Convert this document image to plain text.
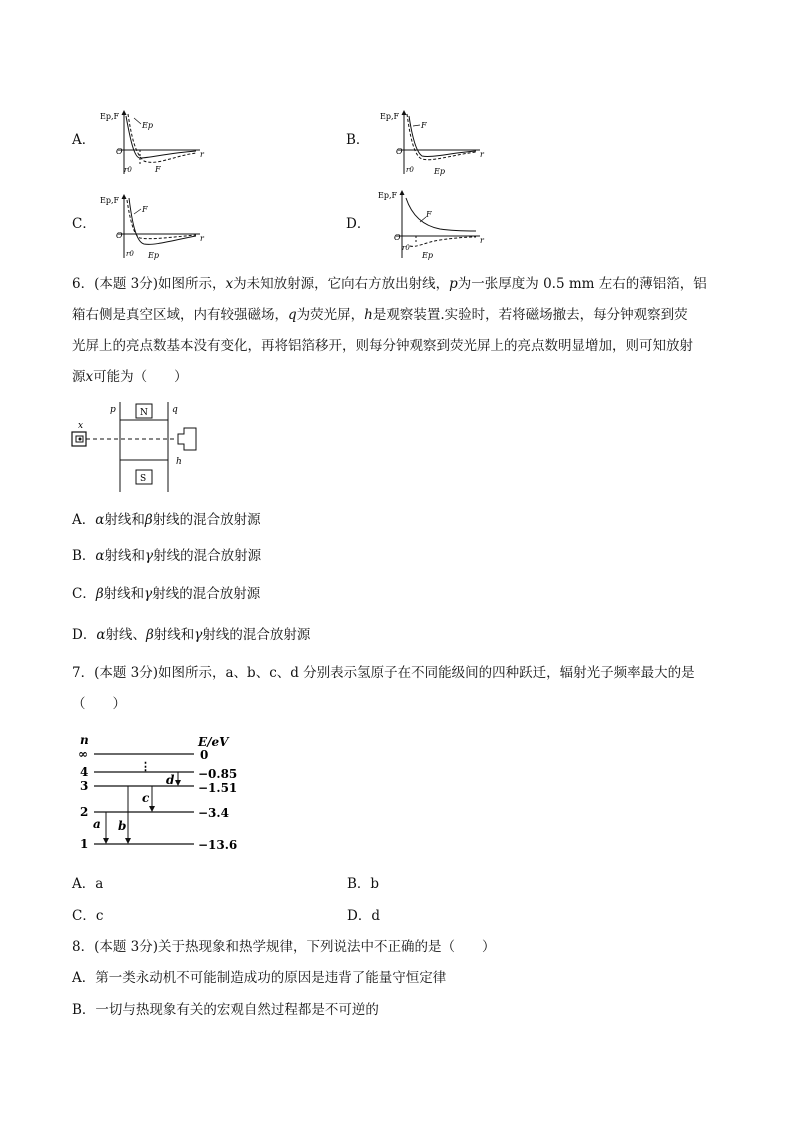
A．
Ep,F
O	r
Ep
F
r0
B．
Ep,F
O	r
F
Ep
r0
C．
Ep,F
O	r
F
Ep
r0
D．
Ep,F
O	r
F
Ep
r0
6．(本题 3分)如图所示，x为未知放射源，它向右方放出射线，p为一张厚度为 0.5 mm 左右的薄铝箔，铝
箱右侧是真空区域，内有较强磁场，q为荧光屏，h是观察装置.实验时，若将磁场撤去，每分钟观察到荧
光屏上的亮点数基本没有变化，再将铝箔移开，则每分钟观察到荧光屏上的亮点数明显增加，则可知放射
源x可能为（　　）
x
p	q
N
S
h
A．α射线和β射线的混合放射源
B．α射线和γ射线的混合放射源
C．β射线和γ射线的混合放射源
D．α射线、β射线和γ射线的混合放射源
7．(本题 3分)如图所示，a、b、c、d 分别表示氢原子在不同能级间的四种跃迁，辐射光子频率最大的是
（　　）
n	E/eV
∞	0
⋮
4	−0.85
3	−1.51
2	−3.4
1	−13.6
a b
c
d
A．a	B．b
C．c	D．d
8．(本题 3分)关于热现象和热学规律，下列说法中不正确的是（　　）
A．第一类永动机不可能制造成功的原因是违背了能量守恒定律
B．一切与热现象有关的宏观自然过程都是不可逆的
